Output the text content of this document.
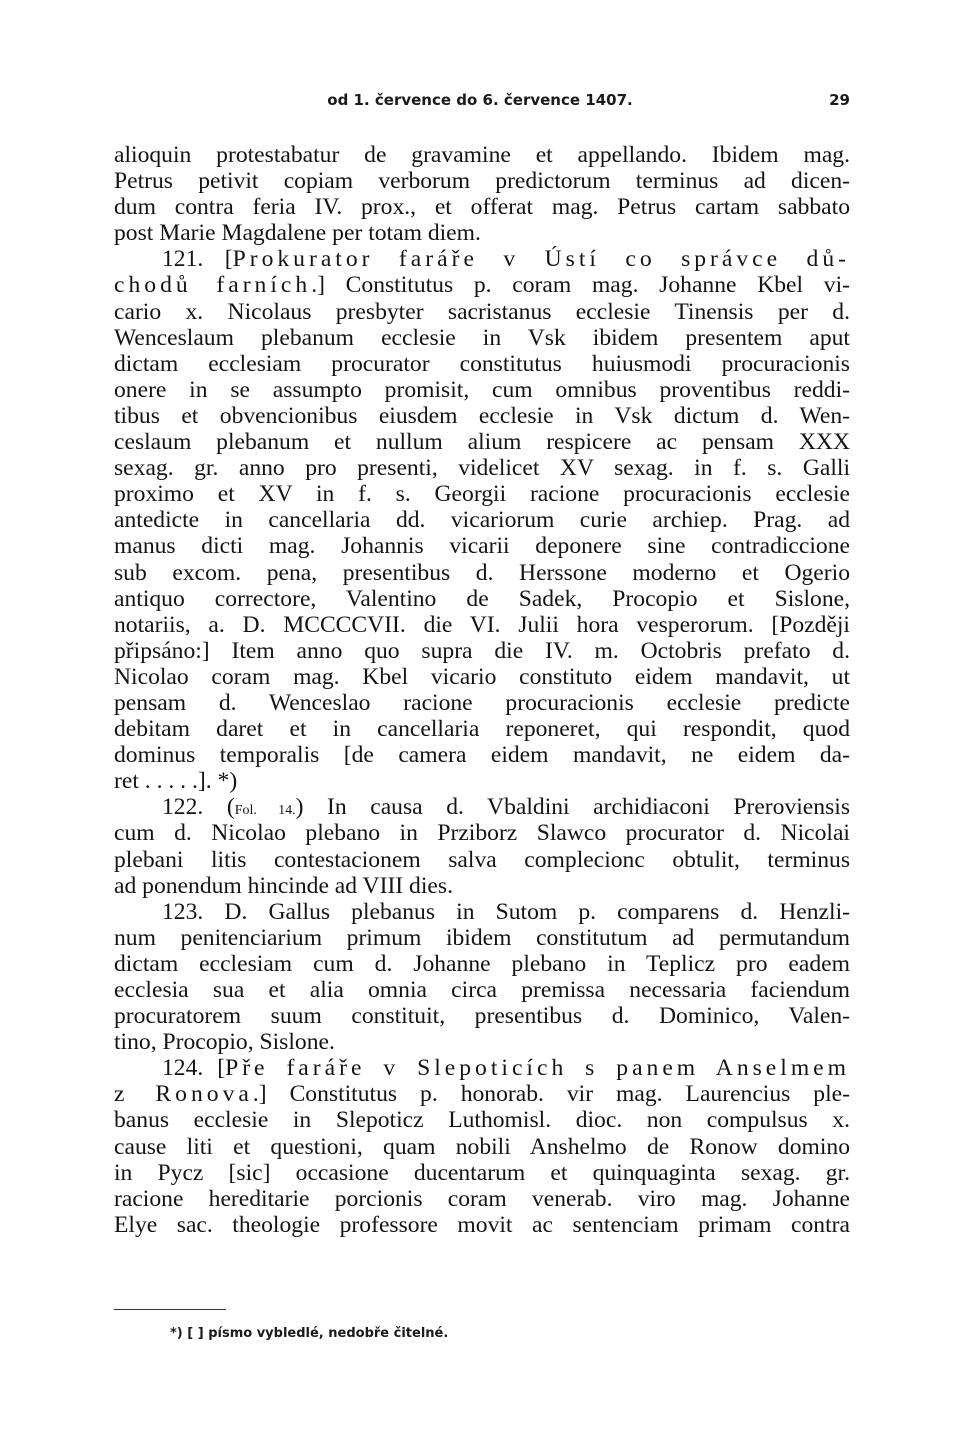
od 1. července do 6. července 1407.	29
alioquin protestabatur de gravamine et appellando. Ibidem mag.
Petrus petivit copiam verborum predictorum terminus ad dicen-
dum contra feria IV. prox., et offerat mag. Petrus cartam sabbato
post Marie Magdalene per totam diem.
121. [Prokurator faráře v Ústí co správce dů-
chodů farních.] Constitutus p. coram mag. Johanne Kbel vi-
cario x. Nicolaus presbyter sacristanus ecclesie Tinensis per d.
Wenceslaum plebanum ecclesie in Vsk ibidem presentem aput
dictam ecclesiam procurator constitutus huiusmodi procuracionis
onere in se assumpto promisit, cum omnibus proventibus reddi-
tibus et obvencionibus eiusdem ecclesie in Vsk dictum d. Wen-
ceslaum plebanum et nullum alium respicere ac pensam XXX
sexag. gr. anno pro presenti, videlicet XV sexag. in f. s. Galli
proximo et XV in f. s. Georgii racione procuracionis ecclesie
antedicte in cancellaria dd. vicariorum curie archiep. Prag. ad
manus dicti mag. Johannis vicarii deponere sine contradiccione
sub excom. pena, presentibus d. Herssone moderno et Ogerio
antiquo correctore, Valentino de Sadek, Procopio et Sislone,
notariis, a. D. MCCCCVII. die VI. Julii hora vesperorum. [Později
připsáno:] Item anno quo supra die IV. m. Octobris prefato d.
Nicolao coram mag. Kbel vicario constituto eidem mandavit, ut
pensam d. Wenceslao racione procuracionis ecclesie predicte
debitam daret et in cancellaria reponeret, qui respondit, quod
dominus temporalis [de camera eidem mandavit, ne eidem da-
ret . . . . .]. *)
122. (Fol. 14.) In causa d. Vbaldini archidiaconi Preroviensis
cum d. Nicolao plebano in Prziborz Slawco procurator d. Nicolai
plebani litis contestacionem salva complecionc obtulit, terminus
ad ponendum hincinde ad VIII dies.
123. D. Gallus plebanus in Sutom p. comparens d. Henzli-
num penitenciarium primum ibidem constitutum ad permutandum
dictam ecclesiam cum d. Johanne plebano in Teplicz pro eadem
ecclesia sua et alia omnia circa premissa necessaria faciendum
procuratorem suum constituit, presentibus d. Dominico, Valen-
tino, Procopio, Sislone.
124. [Pře faráře v Slepoticích s panem Anselmem
z Ronova.] Constitutus p. honorab. vir mag. Laurencius ple-
banus ecclesie in Slepoticz Luthomisl. dioc. non compulsus x.
cause liti et questioni, quam nobili Anshelmo de Ronow domino
in Pycz [sic] occasione ducentarum et quinquaginta sexag. gr.
racione hereditarie porcionis coram venerab. viro mag. Johanne
Elye sac. theologie professore movit ac sentenciam primam contra
*) [ ] písmo vybledlé, nedobře čitelné.
